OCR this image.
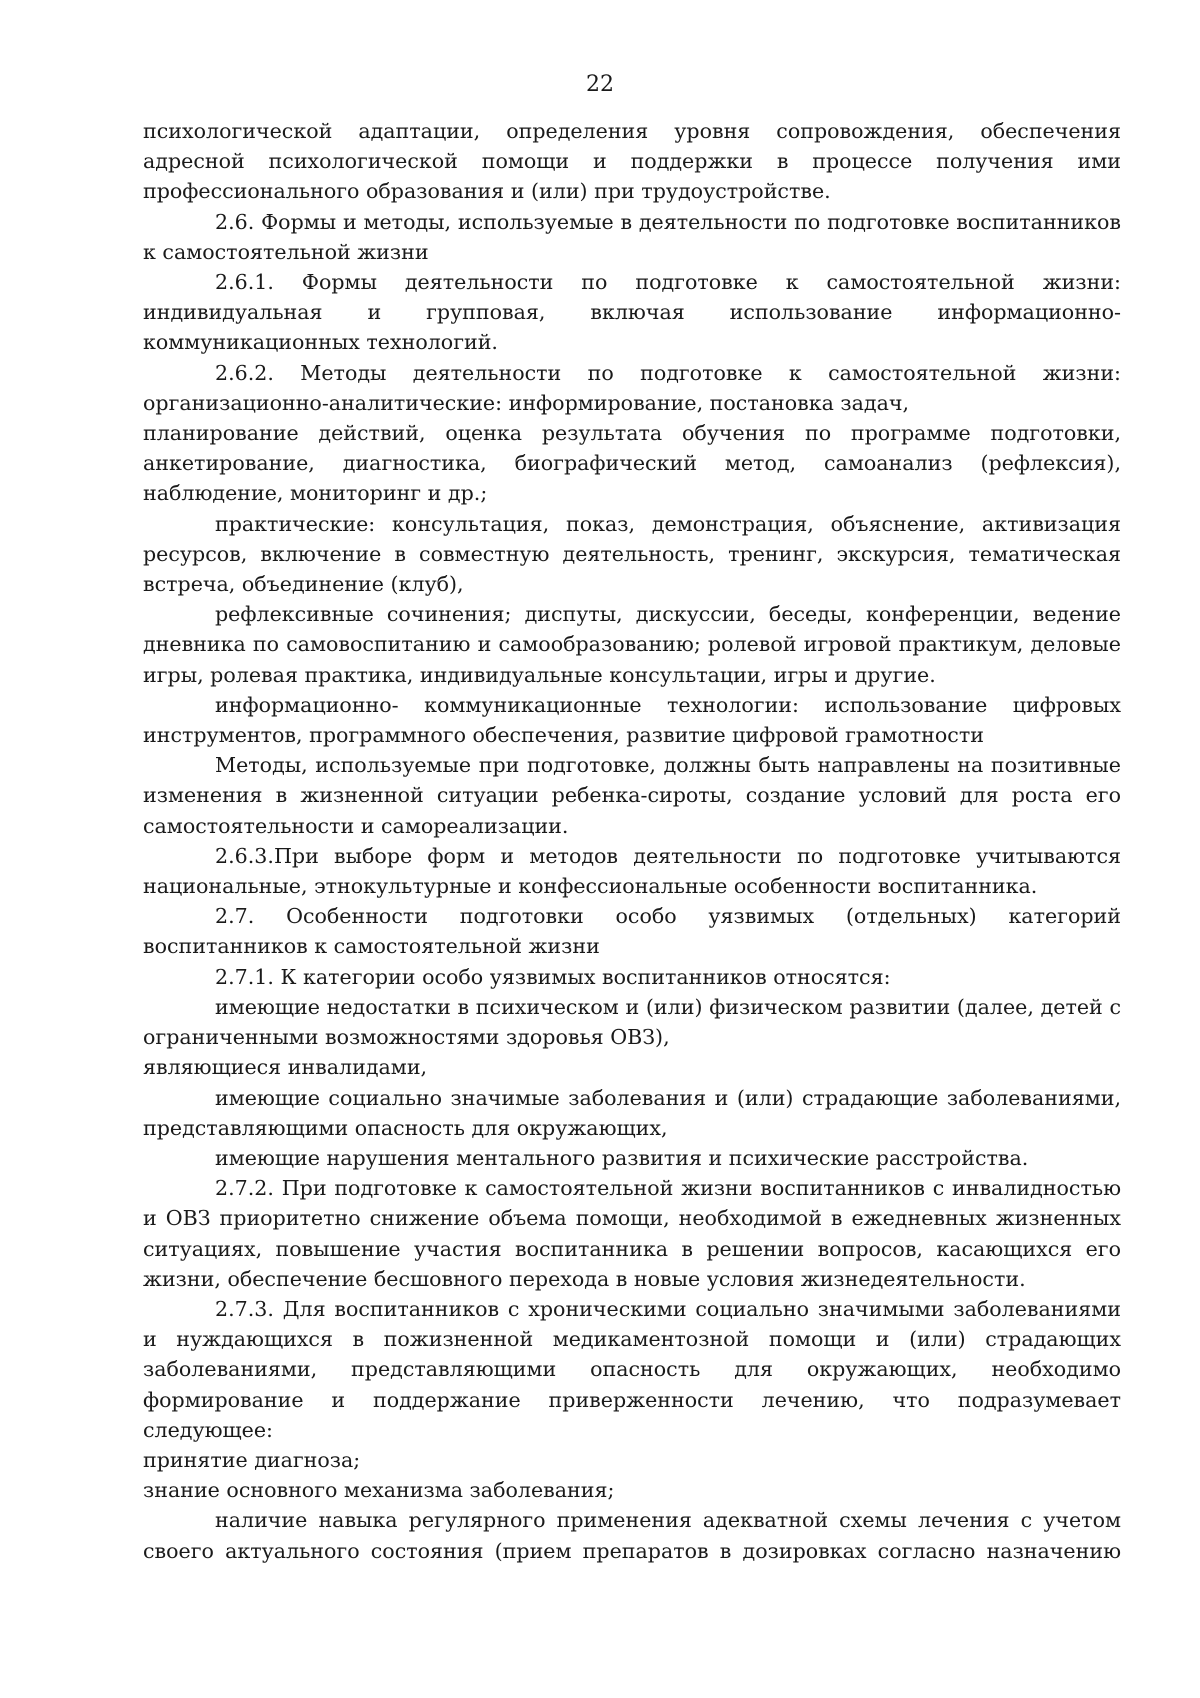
22

психологической адаптации, определения уровня сопровождения, обеспечения адресной психологической помощи и поддержки в процессе получения ими профессионального образования и (или) при трудоустройстве.

2.6. Формы и методы, используемые в деятельности по подготовке воспитанников к самостоятельной жизни

2.6.1. Формы деятельности по подготовке к самостоятельной жизни: индивидуальная и групповая, включая использование информационно-коммуникационных технологий.

2.6.2. Методы деятельности по подготовке к самостоятельной жизни: организационно-аналитические: информирование, постановка задач,

планирование действий, оценка результата обучения по программе подготовки, анкетирование, диагностика, биографический метод, самоанализ (рефлексия), наблюдение, мониторинг и др.;

практические: консультация, показ, демонстрация, объяснение, активизация ресурсов, включение в совместную деятельность, тренинг, экскурсия, тематическая встреча, объединение (клуб),

рефлексивные сочинения; диспуты, дискуссии, беседы, конференции, ведение дневника по самовоспитанию и самообразованию; ролевой игровой практикум, деловые игры, ролевая практика, индивидуальные консультации, игры и другие.

информационно- коммуникационные технологии: использование цифровых инструментов, программного обеспечения, развитие цифровой грамотности

Методы, используемые при подготовке, должны быть направлены на позитивные изменения в жизненной ситуации ребенка-сироты, создание условий для роста его самостоятельности и самореализации.

2.6.3.При выборе форм и методов деятельности по подготовке учитываются национальные, этнокультурные и конфессиональные особенности воспитанника.

2.7. Особенности подготовки особо уязвимых (отдельных) категорий воспитанников к самостоятельной жизни

2.7.1. К категории особо уязвимых воспитанников относятся:

имеющие недостатки в психическом и (или) физическом развитии (далее, детей с ограниченными возможностями здоровья ОВЗ),

являющиеся инвалидами,

имеющие социально значимые заболевания и (или) страдающие заболеваниями, представляющими опасность для окружающих,

имеющие нарушения ментального развития и психические расстройства.

2.7.2. При подготовке к самостоятельной жизни воспитанников с инвалидностью и ОВЗ приоритетно снижение объема помощи, необходимой в ежедневных жизненных ситуациях, повышение участия воспитанника в решении вопросов, касающихся его жизни, обеспечение бесшовного перехода в новые условия жизнедеятельности.

2.7.3. Для воспитанников с хроническими социально значимыми заболеваниями и нуждающихся в пожизненной медикаментозной помощи и (или) страдающих заболеваниями, представляющими опасность для окружающих, необходимо формирование и поддержание приверженности лечению, что подразумевает следующее:

принятие диагноза;

знание основного механизма заболевания;

наличие навыка регулярного применения адекватной схемы лечения с учетом своего актуального состояния (прием препаратов в дозировках согласно назначению
